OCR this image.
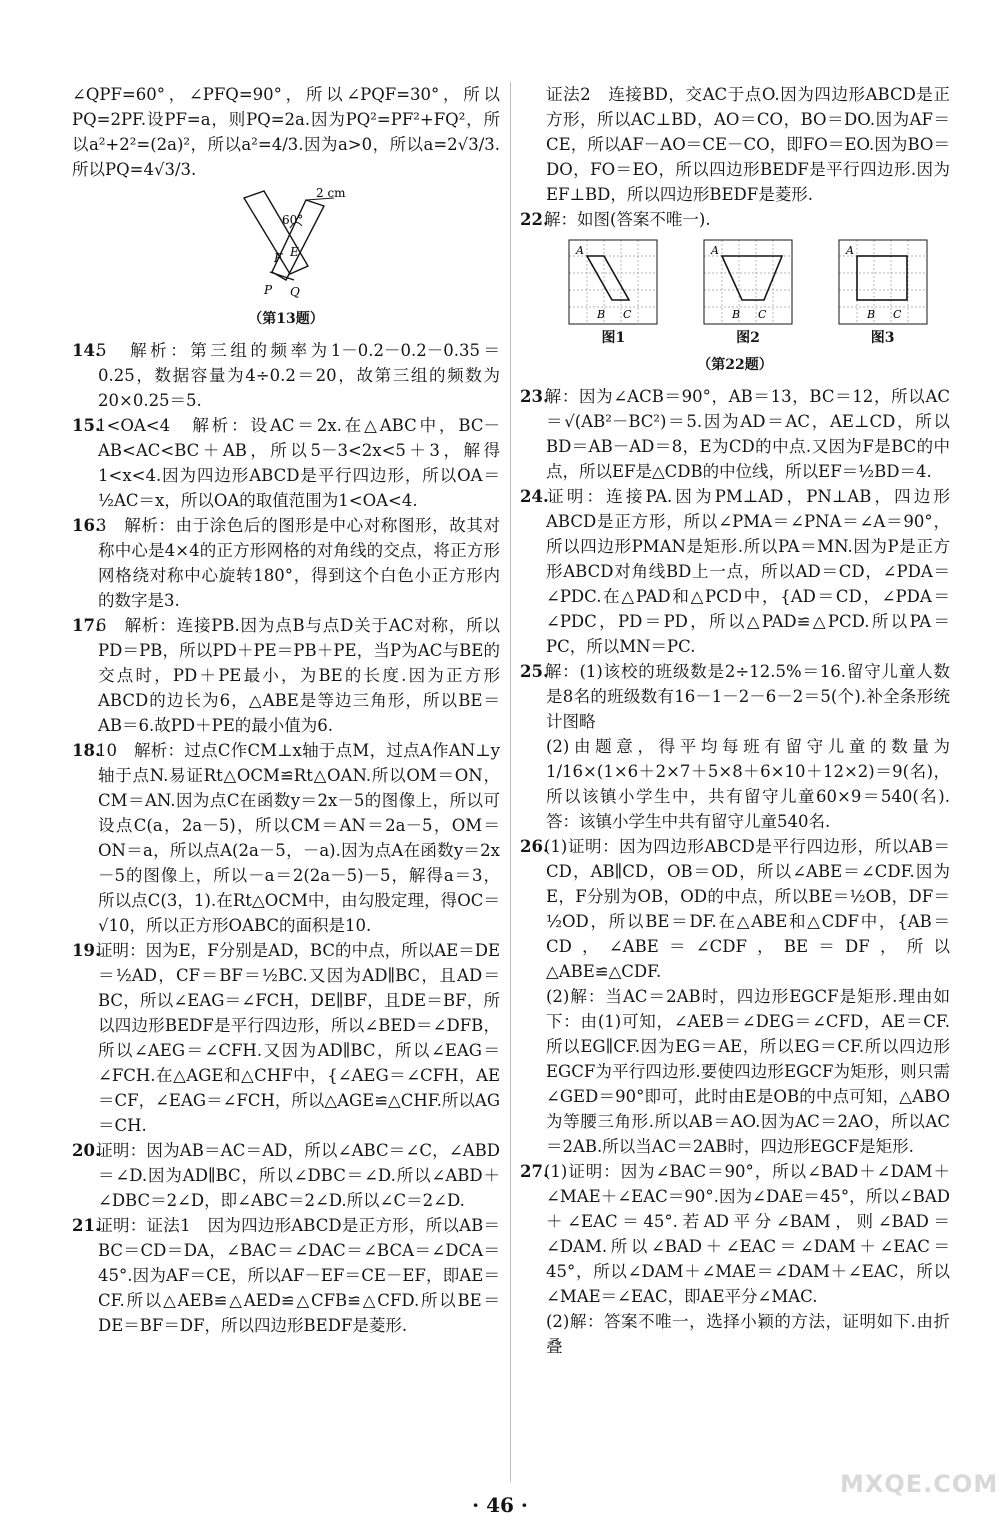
∠QPF=60°，∠PFQ=90°，所以∠PQF=30°，所以PQ=2PF.设PF=a，则PQ=2a.因为PQ²=PF²+FQ²，所以a²+2²=(2a)²，所以a²=4/3.因为a>0，所以a=2√3/3.所以PQ=4√3/3.

2 cm
60°
F E
P Q
（第13题）

14.5　解析：第三组的频率为1－0.2－0.2－0.35＝0.25，数据容量为4÷0.2＝20，故第三组的频数为20×0.25＝5.

15.1<OA<4　解析：设AC＝2x.在△ABC中，BC－AB<AC<BC＋AB，所以5－3<2x<5＋3，解得1<x<4.因为四边形ABCD是平行四边形，所以OA＝½AC＝x，所以OA的取值范围为1<OA<4.

16.3　解析：由于涂色后的图形是中心对称图形，故其对称中心是4×4的正方形网格的对角线的交点，将正方形网格绕对称中心旋转180°，得到这个白色小正方形内的数字是3.

17.6　解析：连接PB.因为点B与点D关于AC对称，所以PD＝PB，所以PD＋PE＝PB＋PE，当P为AC与BE的交点时，PD＋PE最小，为BE的长度.因为正方形ABCD的边长为6，△ABE是等边三角形，所以BE＝AB＝6.故PD＋PE的最小值为6.

18.10　解析：过点C作CM⊥x轴于点M，过点A作AN⊥y轴于点N.易证Rt△OCM≌Rt△OAN.所以OM＝ON，CM＝AN.因为点C在函数y＝2x－5的图像上，所以可设点C(a，2a－5)，所以CM＝AN＝2a－5，OM＝ON＝a，所以点A(2a－5，－a).因为点A在函数y＝2x－5的图像上，所以－a＝2(2a－5)－5，解得a＝3，所以点C(3，1).在Rt△OCM中，由勾股定理，得OC＝√10，所以正方形OABC的面积是10.

19.证明：因为E，F分别是AD，BC的中点，所以AE＝DE＝½AD，CF＝BF＝½BC.又因为AD∥BC，且AD＝BC，所以∠EAG＝∠FCH，DE∥BF，且DE＝BF，所以四边形BEDF是平行四边形，所以∠BED＝∠DFB，所以∠AEG＝∠CFH.又因为AD∥BC，所以∠EAG＝∠FCH.在△AGE和△CHF中，{∠AEG＝∠CFH，AE＝CF，∠EAG＝∠FCH，所以△AGE≌△CHF.所以AG＝CH.

20.证明：因为AB＝AC＝AD，所以∠ABC＝∠C，∠ABD＝∠D.因为AD∥BC，所以∠DBC＝∠D.所以∠ABD＋∠DBC＝2∠D，即∠ABC＝2∠D.所以∠C＝2∠D.

21.证明：证法1　因为四边形ABCD是正方形，所以AB＝BC＝CD＝DA，∠BAC＝∠DAC＝∠BCA＝∠DCA＝45°.因为AF＝CE，所以AF－EF＝CE－EF，即AE＝CF.所以△AEB≌△AED≌△CFB≌△CFD.所以BE＝DE＝BF＝DF，所以四边形BEDF是菱形.

证法2　连接BD，交AC于点O.因为四边形ABCD是正方形，所以AC⊥BD，AO＝CO，BO＝DO.因为AF＝CE，所以AF－AO＝CE－CO，即FO＝EO.因为BO＝DO，FO＝EO，所以四边形BEDF是平行四边形.因为EF⊥BD，所以四边形BEDF是菱形.

22.解：如图(答案不唯一).

A
B C
A
B C
A
B C
图1	图2	图3
（第22题）

23.解：因为∠ACB＝90°，AB＝13，BC＝12，所以AC＝√(AB²－BC²)＝5.因为AD＝AC，AE⊥CD，所以BD＝AB－AD＝8，E为CD的中点.又因为F是BC的中点，所以EF是△CDB的中位线，所以EF＝½BD＝4.

24.证明：连接PA.因为PM⊥AD，PN⊥AB，四边形ABCD是正方形，所以∠PMA＝∠PNA＝∠A＝90°，所以四边形PMAN是矩形.所以PA＝MN.因为P是正方形ABCD对角线BD上一点，所以AD＝CD，∠PDA＝∠PDC.在△PAD和△PCD中，{AD＝CD，∠PDA＝∠PDC，PD＝PD，所以△PAD≌△PCD.所以PA＝PC，所以MN＝PC.

25.解：(1)该校的班级数是2÷12.5%＝16.留守儿童人数是8名的班级数有16－1－2－6－2＝5(个).补全条形统计图略

(2)由题意，得平均每班有留守儿童的数量为1/16×(1×6＋2×7＋5×8＋6×10＋12×2)＝9(名)，所以该镇小学生中，共有留守儿童60×9＝540(名).答：该镇小学生中共有留守儿童540名.

26.(1)证明：因为四边形ABCD是平行四边形，所以AB＝CD，AB∥CD，OB＝OD，所以∠ABE＝∠CDF.因为E，F分别为OB，OD的中点，所以BE＝½OB，DF＝½OD，所以BE＝DF.在△ABE和△CDF中，{AB＝CD，∠ABE＝∠CDF，BE＝DF，所以△ABE≌△CDF.

(2)解：当AC＝2AB时，四边形EGCF是矩形.理由如下：由(1)可知，∠AEB＝∠DEG＝∠CFD，AE＝CF.所以EG∥CF.因为EG＝AE，所以EG＝CF.所以四边形EGCF为平行四边形.要使四边形EGCF为矩形，则只需∠GED＝90°即可，此时由E是OB的中点可知，△ABO为等腰三角形.所以AB＝AO.因为AC＝2AO，所以AC＝2AB.所以当AC＝2AB时，四边形EGCF是矩形.

27.(1)证明：因为∠BAC＝90°，所以∠BAD＋∠DAM＋∠MAE＋∠EAC＝90°.因为∠DAE＝45°，所以∠BAD＋∠EAC＝45°.若AD平分∠BAM，则∠BAD＝∠DAM.所以∠BAD＋∠EAC＝∠DAM＋∠EAC＝45°，所以∠DAM＋∠MAE＝∠DAM＋∠EAC，所以∠MAE＝∠EAC，即AE平分∠MAC.

(2)解：答案不唯一，选择小颖的方法，证明如下.由折叠

· 46 ·
MXQE.COM
